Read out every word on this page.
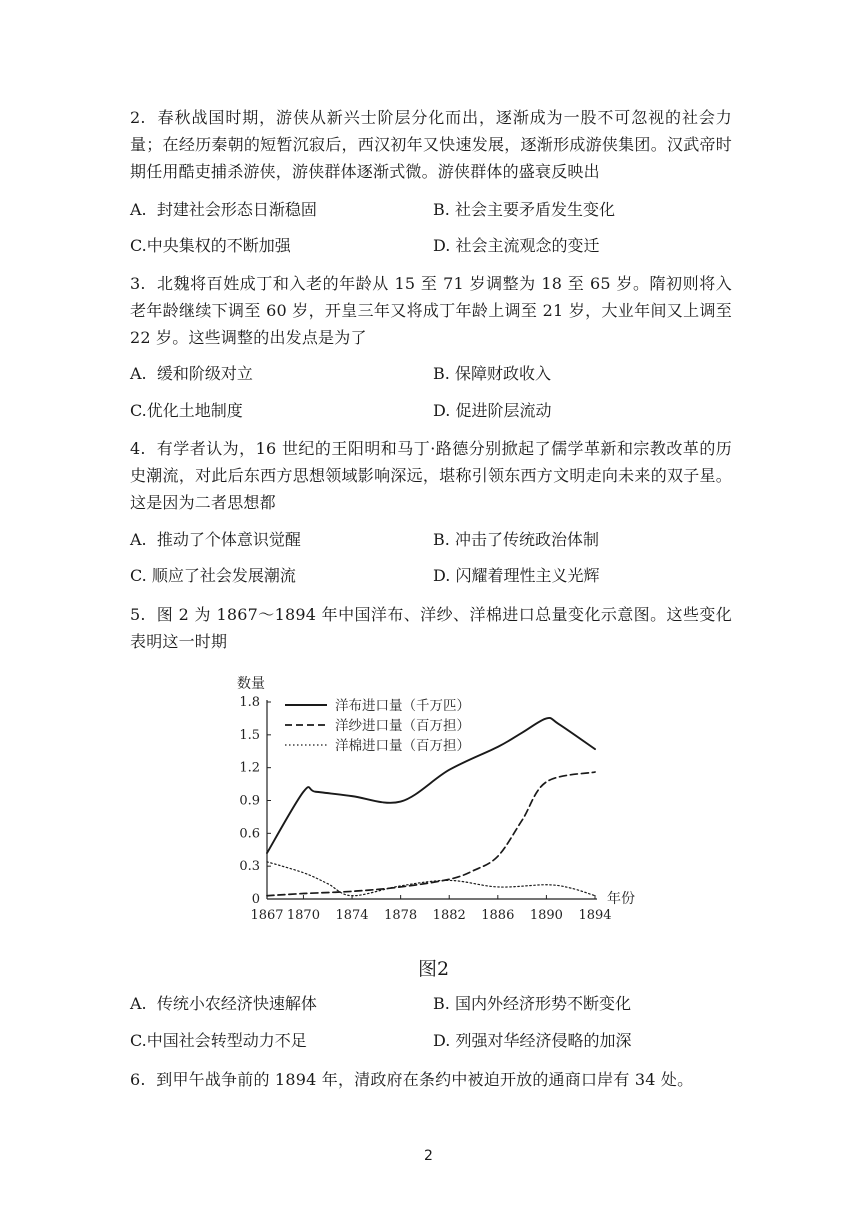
2. 春秋战国时期，游侠从新兴士阶层分化而出，逐渐成为一股不可忽视的社会力量；在经历秦朝的短暂沉寂后，西汉初年又快速发展，逐渐形成游侠集团。汉武帝时期任用酷吏捕杀游侠，游侠群体逐渐式微。游侠群体的盛衰反映出
A. 封建社会形态日渐稳固	B. 社会主要矛盾发生变化
C.中央集权的不断加强	D. 社会主流观念的变迁
3. 北魏将百姓成丁和入老的年龄从 15 至 71 岁调整为 18 至 65 岁。隋初则将入老年龄继续下调至 60 岁，开皇三年又将成丁年龄上调至 21 岁，大业年间又上调至 22 岁。这些调整的出发点是为了
A. 缓和阶级对立	B. 保障财政收入
C.优化土地制度	D. 促进阶层流动
4. 有学者认为，16 世纪的王阳明和马丁·路德分别掀起了儒学革新和宗教改革的历史潮流，对此后东西方思想领域影响深远，堪称引领东西方文明走向未来的双子星。这是因为二者思想都
A. 推动了个体意识觉醒	B. 冲击了传统政治体制
C. 顺应了社会发展潮流	D. 闪耀着理性主义光辉
5. 图 2 为 1867～1894 年中国洋布、洋纱、洋棉进口总量变化示意图。这些变化表明这一时期
0
0.3
0.6
0.9
1.2
1.5
1.8
1867 1870 1874 1878 1882 1886 1890 1894
数量
年份
洋布进口量（千万匹）
洋纱进口量（百万担）
洋棉进口量（百万担）
图2
A. 传统小农经济快速解体	B. 国内外经济形势不断变化
C.中国社会转型动力不足	D. 列强对华经济侵略的加深
6. 到甲午战争前的 1894 年，清政府在条约中被迫开放的通商口岸有 34 处。
2
